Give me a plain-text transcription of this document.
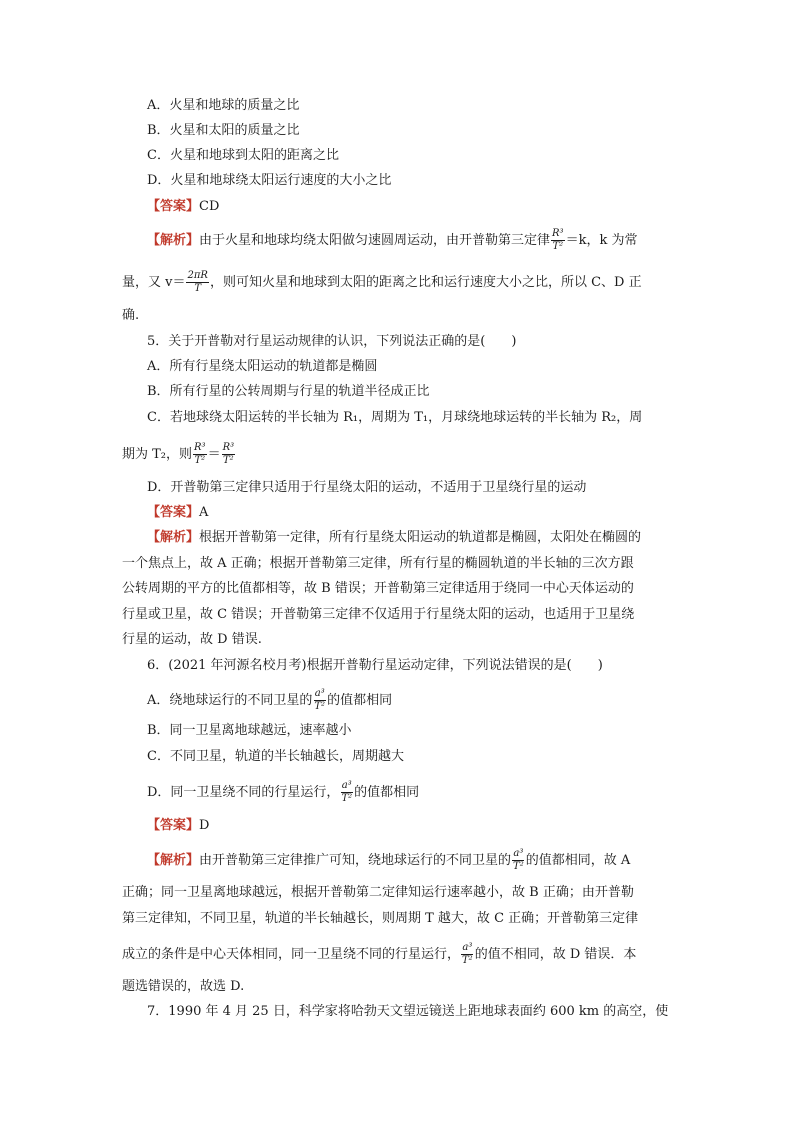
A．火星和地球的质量之比
B．火星和太阳的质量之比
C．火星和地球到太阳的距离之比
D．火星和地球绕太阳运行速度的大小之比
【答案】CD
【解析】由于火星和地球均绕太阳做匀速圆周运动，由开普勒第三定律 $\frac{\text{R³}}{\text{T²}} =k$，k 为常
量，又 $v= \frac{2\pi R}{T}$ ，则可知火星和地球到太阳的距离之比和运行速度大小之比，所以 C、D 正
确.
5．关于开普勒对行星运动规律的认识，下列说法正确的是(　　)
A．所有行星绕太阳运动的轨道都是椭圆
B．所有行星的公转周期与行星的轨道半径成正比
C．若地球绕太阳运转的半长轴为 R₁，周期为 T₁，月球绕地球运转的半长轴为 R₂，周
期为 T₂，则 $\frac{\text{R³}}{\text{T²}} = \frac{\text{R³}}{\text{T²}}$
D．开普勒第三定律只适用于行星绕太阳的运动，不适用于卫星绕行星的运动
【答案】A
【解析】根据开普勒第一定律，所有行星绕太阳运动的轨道都是椭圆，太阳处在椭圆的
一个焦点上，故 A 正确；根据开普勒第三定律，所有行星的椭圆轨道的半长轴的三次方跟
公转周期的平方的比值都相等，故 B 错误；开普勒第三定律适用于绕同一中心天体运动的
行星或卫星，故 C 错误；开普勒第三定律不仅适用于行星绕太阳的运动，也适用于卫星绕
行星的运动，故 D 错误.
6．(2021 年河源名校月考)根据开普勒行星运动定律，下列说法错误的是(　　)
A．绕地球运行的不同卫星的 $\frac{\text{a³}}{\text{T²}}$ 的值都相同
B．同一卫星离地球越远，速率越小
C．不同卫星，轨道的半长轴越长，周期越大
D．同一卫星绕不同的行星运行， $\frac{\text{a³}}{\text{T²}}$ 的值都相同
【答案】D
【解析】由开普勒第三定律推广可知，绕地球运行的不同卫星的 $\frac{\text{a³}}{\text{T²}}$ 的值都相同，故 A
正确；同一卫星离地球越远，根据开普勒第二定律知运行速率越小，故 B 正确；由开普勒
第三定律知，不同卫星，轨道的半长轴越长，则周期 T 越大，故 C 正确；开普勒第三定律
成立的条件是中心天体相同，同一卫星绕不同的行星运行， $\frac{\text{a³}}{\text{T²}}$ 的值不相同，故 D 错误．本
题选错误的，故选 D.
7．1990 年 4 月 25 日，科学家将哈勃天文望远镜送上距地球表面约 600 km 的高空，使
